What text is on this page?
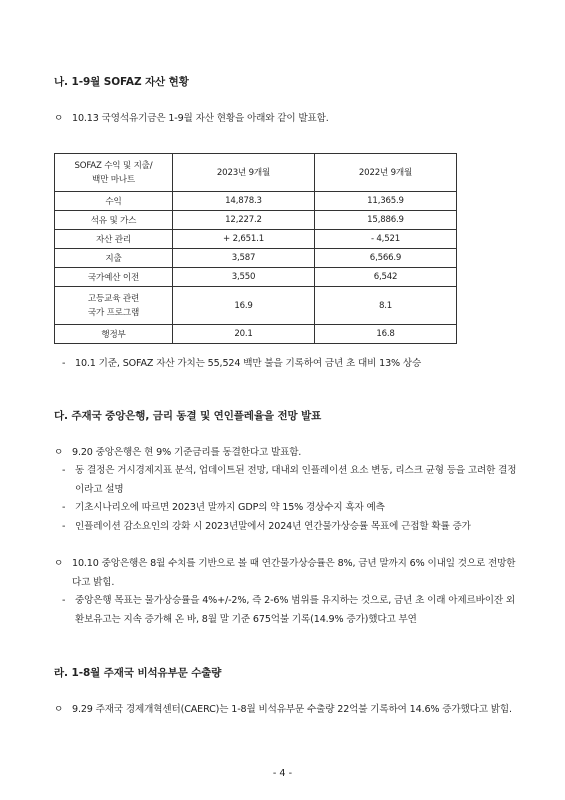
나. 1-9월 SOFAZ 자산 현황
ㅇ 10.13 국영석유기금은 1-9월 자산 현황을 아래와 같이 발표함.
SOFAZ 수익 및 지출/
백만 마나트	2023년 9개월	2022년 9개월
수익	14,878.3	11,365.9
석유 및 가스	12,227.2	15,886.9
자산 관리	+ 2,651.1	- 4,521
지출	3,587	6,566.9
국가예산 이전	3,550	6,542

고등교육 관련
국가 프로그램	16.9	8.1
행정부	20.1	16.8
-	10.1 기준, SOFAZ 자산 가치는 55,524 백만 불을 기록하여 금년 초 대비 13% 상승
다. 주재국 중앙은행, 금리 동결 및 연인플레율을 전망 발표
ㅇ 9.20 중앙은행은 현 9% 기준금리를 동결한다고 발표함.
-	동 결정은 거시경제지표 분석, 업데이트된 전망, 대내외 인플레이션 요소 변동, 리스크 균형 등을 고려한 결정이라고 설명
-	기초시나리오에 따르면 2023년 말까지 GDP의 약 15% 경상수지 흑자 예측
-	인플레이션 감소요인의 강화 시 2023년말에서 2024년 연간물가상승률 목표에 근접할 확률 증가
ㅇ 10.10 중앙은행은 8월 수치를 기반으로 볼 때 연간물가상승률은 8%, 금년 말까지 6% 이내일 것으로 전망한다고 밝힘.
-	중앙은행 목표는 물가상승률을 4%+/-2%, 즉 2-6% 범위를 유지하는 것으로, 금년 초 이래 아제르바이잔 외환보유고는 지속 증가해 온 바, 8월 말 기준 675억불 기록(14.9% 증가)했다고 부연
라. 1-8월 주재국 비석유부문 수출량
ㅇ 9.29 주재국 경제개혁센터(CAERC)는 1-8월 비석유부문 수출량 22억불 기록하여 14.6% 증가했다고 밝힘.
- 4 -
